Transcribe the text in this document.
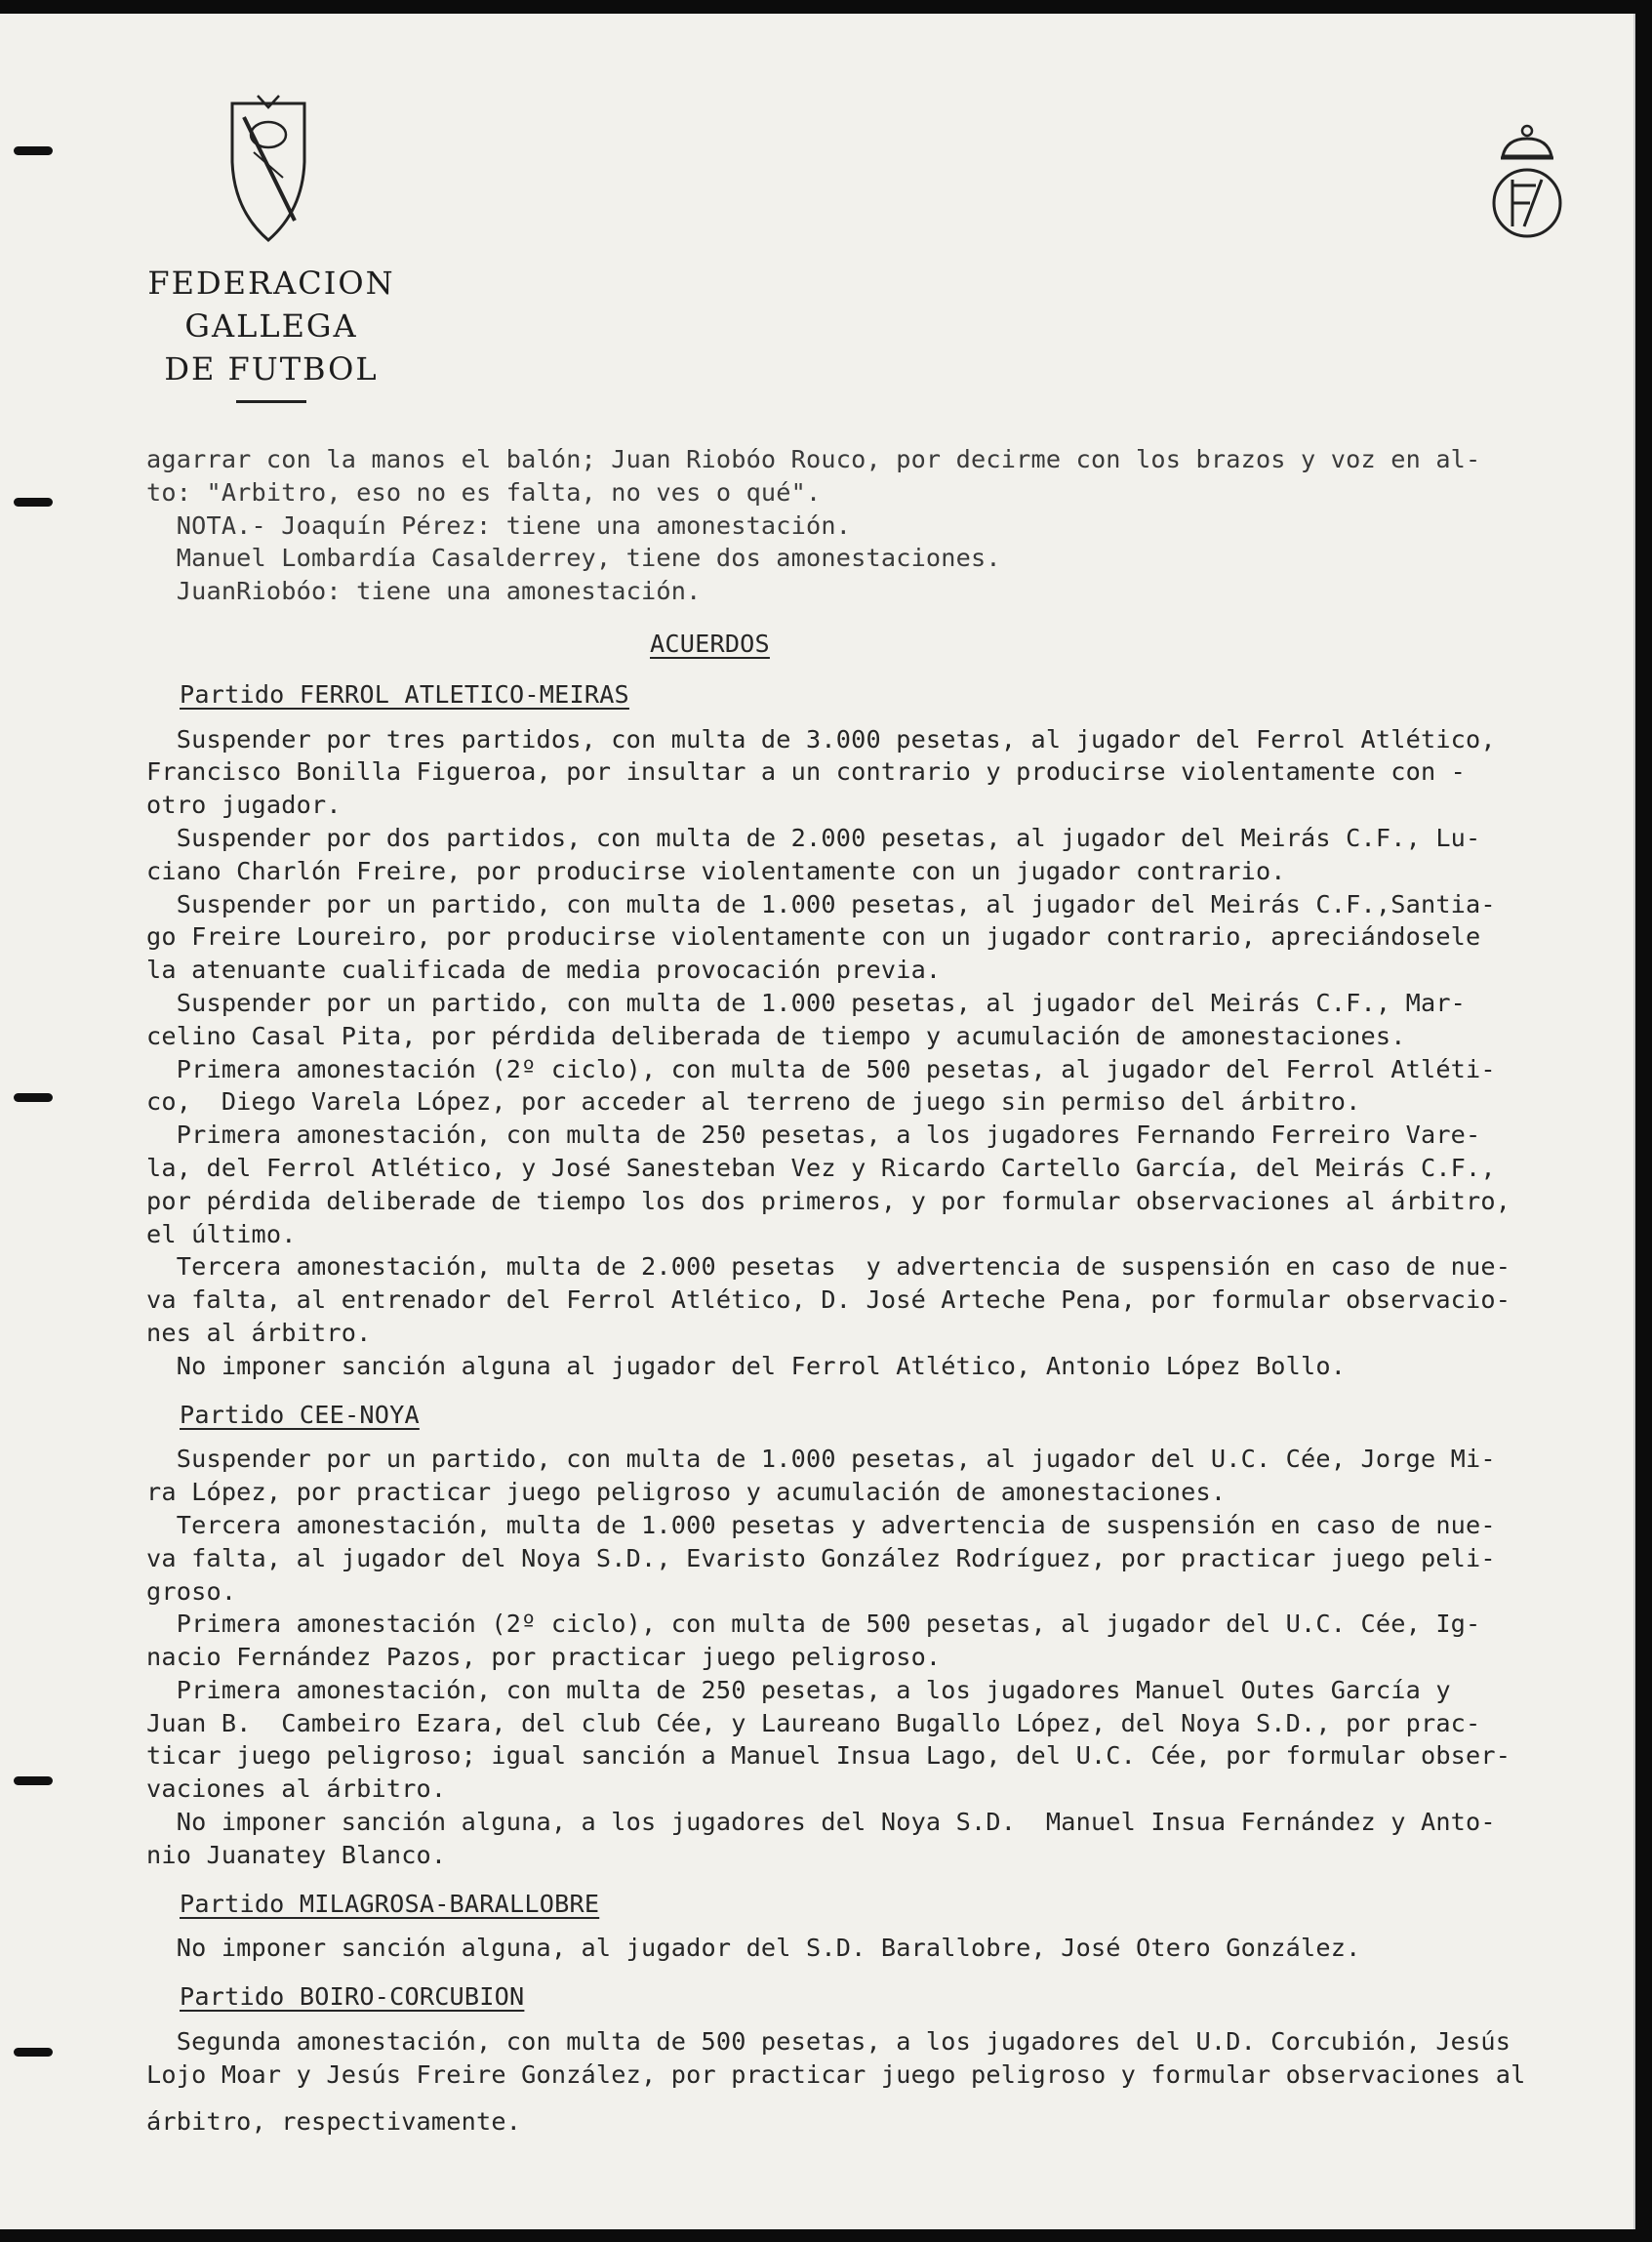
FEDERACION GALLEGA
DE FUTBOL

agarrar con la manos el balón; Juan Riobóo Rouco, por decirme con los brazos y voz en al-

to: "Arbitro, eso no es falta, no ves o qué".

NOTA.- Joaquín Pérez: tiene una amonestación.

Manuel Lombardía Casalderrey, tiene dos amonestaciones.

JuanRiobóo: tiene una amonestación.

ACUERDOS

Partido FERROL ATLETICO-MEIRAS

Suspender por tres partidos, con multa de 3.000 pesetas, al jugador del Ferrol Atlético,

Francisco Bonilla Figueroa, por insultar a un contrario y producirse violentamente con -

otro jugador.

Suspender por dos partidos, con multa de 2.000 pesetas, al jugador del Meirás C.F., Lu-

ciano Charlón Freire, por producirse violentamente con un jugador contrario.

Suspender por un partido, con multa de 1.000 pesetas, al jugador del Meirás C.F.,Santia-

go Freire Loureiro, por producirse violentamente con un jugador contrario, apreciándosele

la atenuante cualificada de media provocación previa.

Suspender por un partido, con multa de 1.000 pesetas, al jugador del Meirás C.F., Mar-

celino Casal Pita, por pérdida deliberada de tiempo y acumulación de amonestaciones.

Primera amonestación (2º ciclo), con multa de 500 pesetas, al jugador del Ferrol Atléti-

co,  Diego Varela López, por acceder al terreno de juego sin permiso del árbitro.

Primera amonestación, con multa de 250 pesetas, a los jugadores Fernando Ferreiro Vare-

la, del Ferrol Atlético, y José Sanesteban Vez y Ricardo Cartello García, del Meirás C.F.,

por pérdida deliberade de tiempo los dos primeros, y por formular observaciones al árbitro,

el último.

Tercera amonestación, multa de 2.000 pesetas  y advertencia de suspensión en caso de nue-

va falta, al entrenador del Ferrol Atlético, D. José Arteche Pena, por formular observacio-

nes al árbitro.

No imponer sanción alguna al jugador del Ferrol Atlético, Antonio López Bollo.

Partido CEE-NOYA

Suspender por un partido, con multa de 1.000 pesetas, al jugador del U.C. Cée, Jorge Mi-

ra López, por practicar juego peligroso y acumulación de amonestaciones.

Tercera amonestación, multa de 1.000 pesetas y advertencia de suspensión en caso de nue-

va falta, al jugador del Noya S.D., Evaristo González Rodríguez, por practicar juego peli-

groso.

Primera amonestación (2º ciclo), con multa de 500 pesetas, al jugador del U.C. Cée, Ig-

nacio Fernández Pazos, por practicar juego peligroso.

Primera amonestación, con multa de 250 pesetas, a los jugadores Manuel Outes García y

Juan B.  Cambeiro Ezara, del club Cée, y Laureano Bugallo López, del Noya S.D., por prac-

ticar juego peligroso; igual sanción a Manuel Insua Lago, del U.C. Cée, por formular obser-

vaciones al árbitro.

No imponer sanción alguna, a los jugadores del Noya S.D.  Manuel Insua Fernández y Anto-

nio Juanatey Blanco.

Partido MILAGROSA-BARALLOBRE

No imponer sanción alguna, al jugador del S.D. Barallobre, José Otero González.

Partido BOIRO-CORCUBION

Segunda amonestación, con multa de 500 pesetas, a los jugadores del U.D. Corcubión, Jesús

Lojo Moar y Jesús Freire González, por practicar juego peligroso y formular observaciones al

árbitro, respectivamente.
